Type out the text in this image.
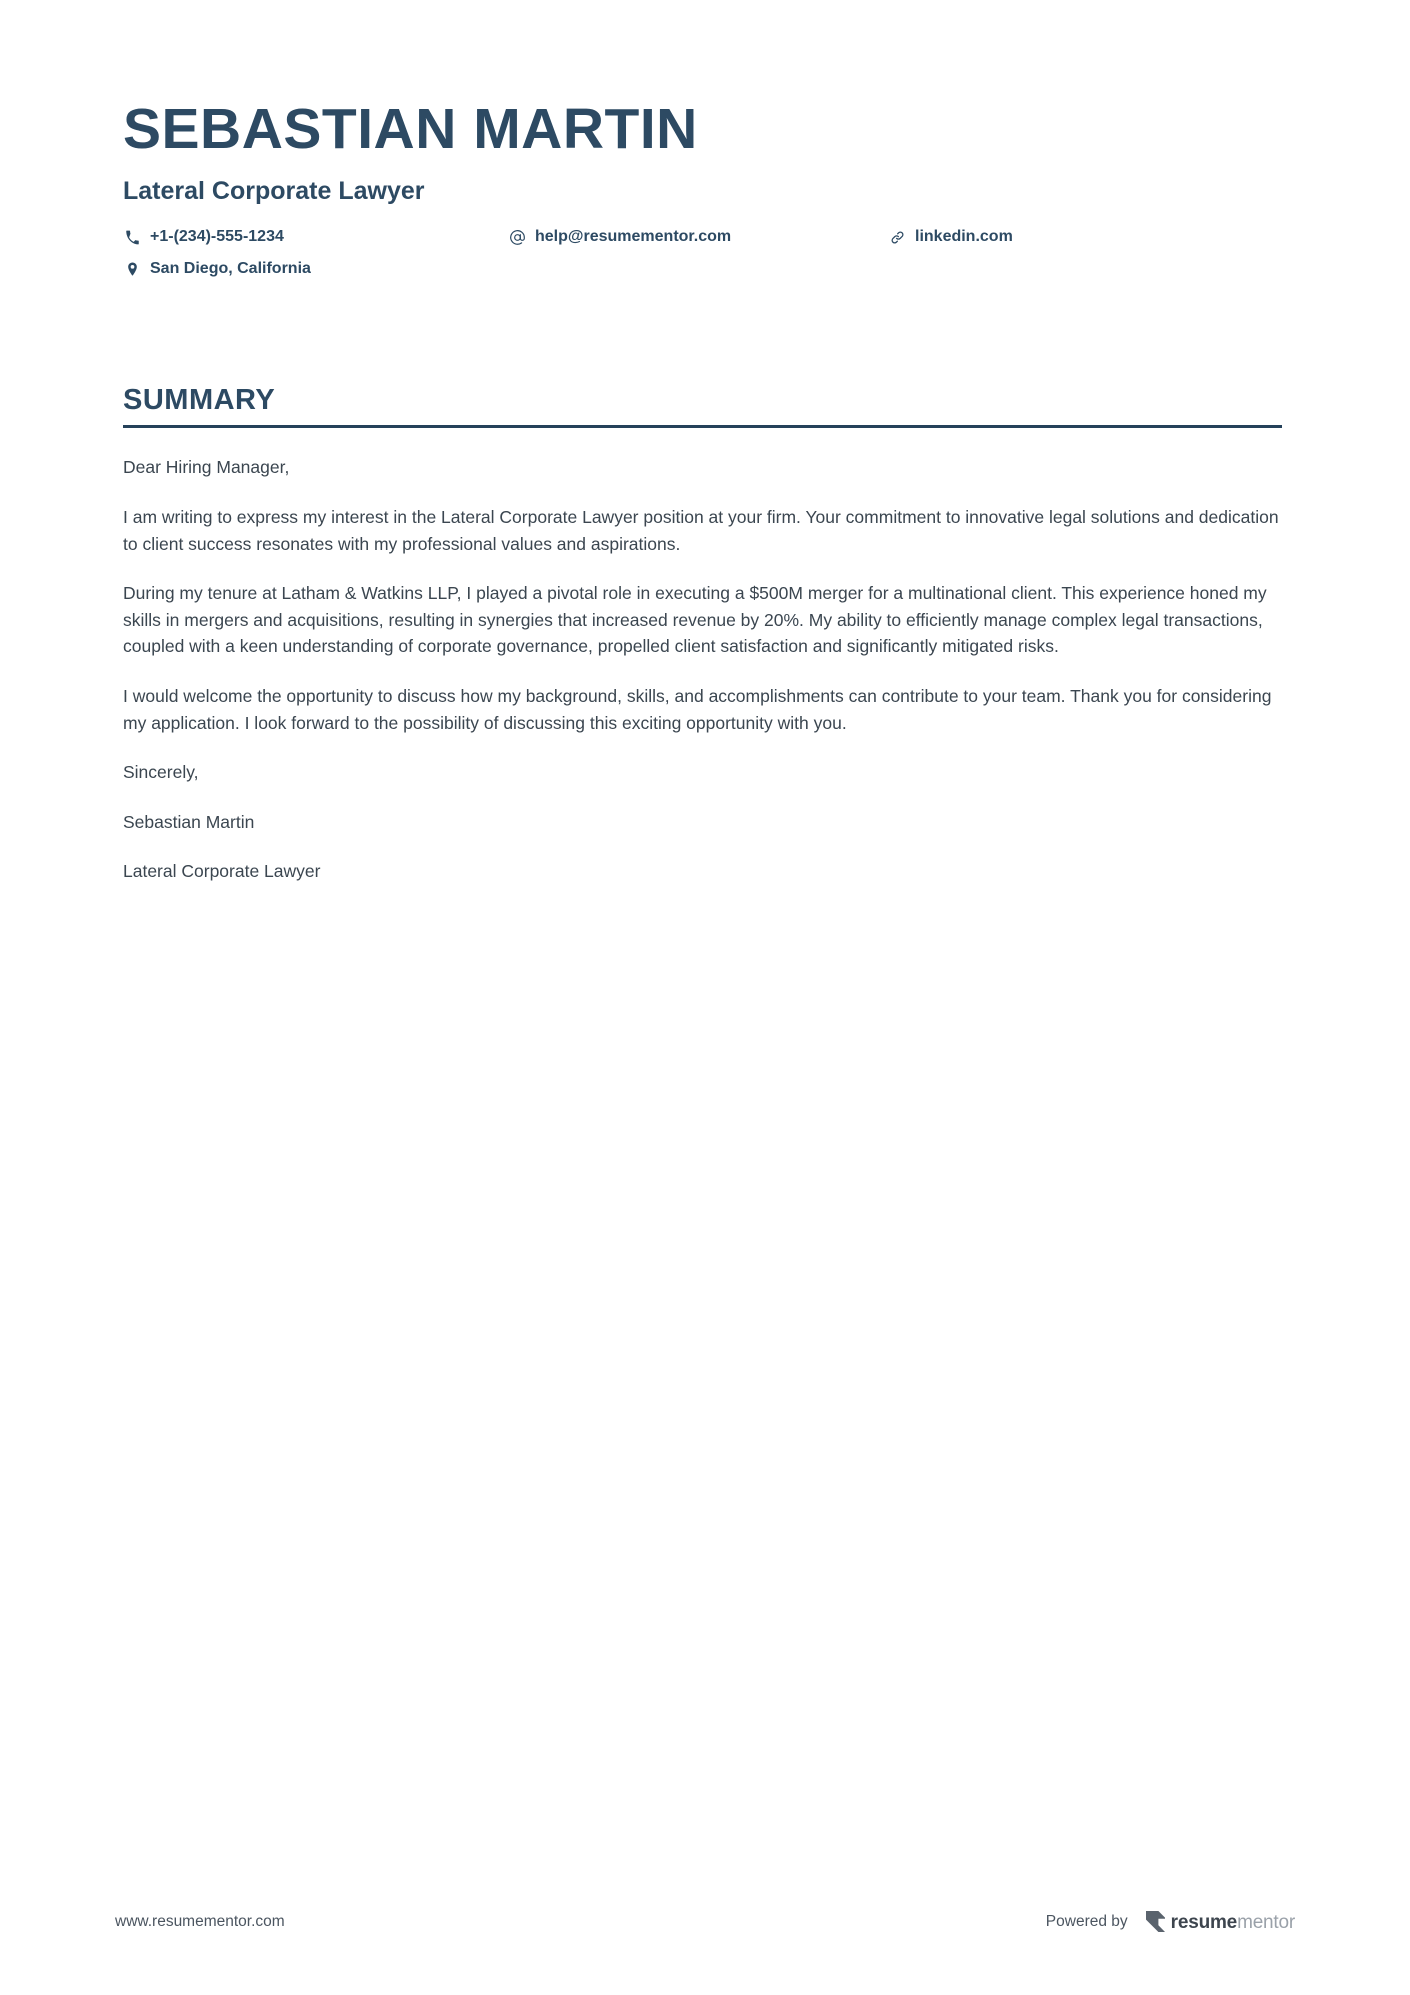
SEBASTIAN MARTIN
Lateral Corporate Lawyer
+1-(234)-555-1234	help@resumementor.com	linkedin.com
San Diego, California
SUMMARY

Dear Hiring Manager,

I am writing to express my interest in the Lateral Corporate Lawyer position at your firm. Your commitment to innovative legal solutions and dedication to client success resonates with my professional values and aspirations.

During my tenure at Latham & Watkins LLP, I played a pivotal role in executing a $500M merger for a multinational client. This experience honed my skills in mergers and acquisitions, resulting in synergies that increased revenue by 20%. My ability to efficiently manage complex legal transactions, coupled with a keen understanding of corporate governance, propelled client satisfaction and significantly mitigated risks.

I would welcome the opportunity to discuss how my background, skills, and accomplishments can contribute to your team. Thank you for considering my application. I look forward to the possibility of discussing this exciting opportunity with you.

Sincerely,

Sebastian Martin

Lateral Corporate Lawyer

www.resumementor.com	Powered by resumementor
